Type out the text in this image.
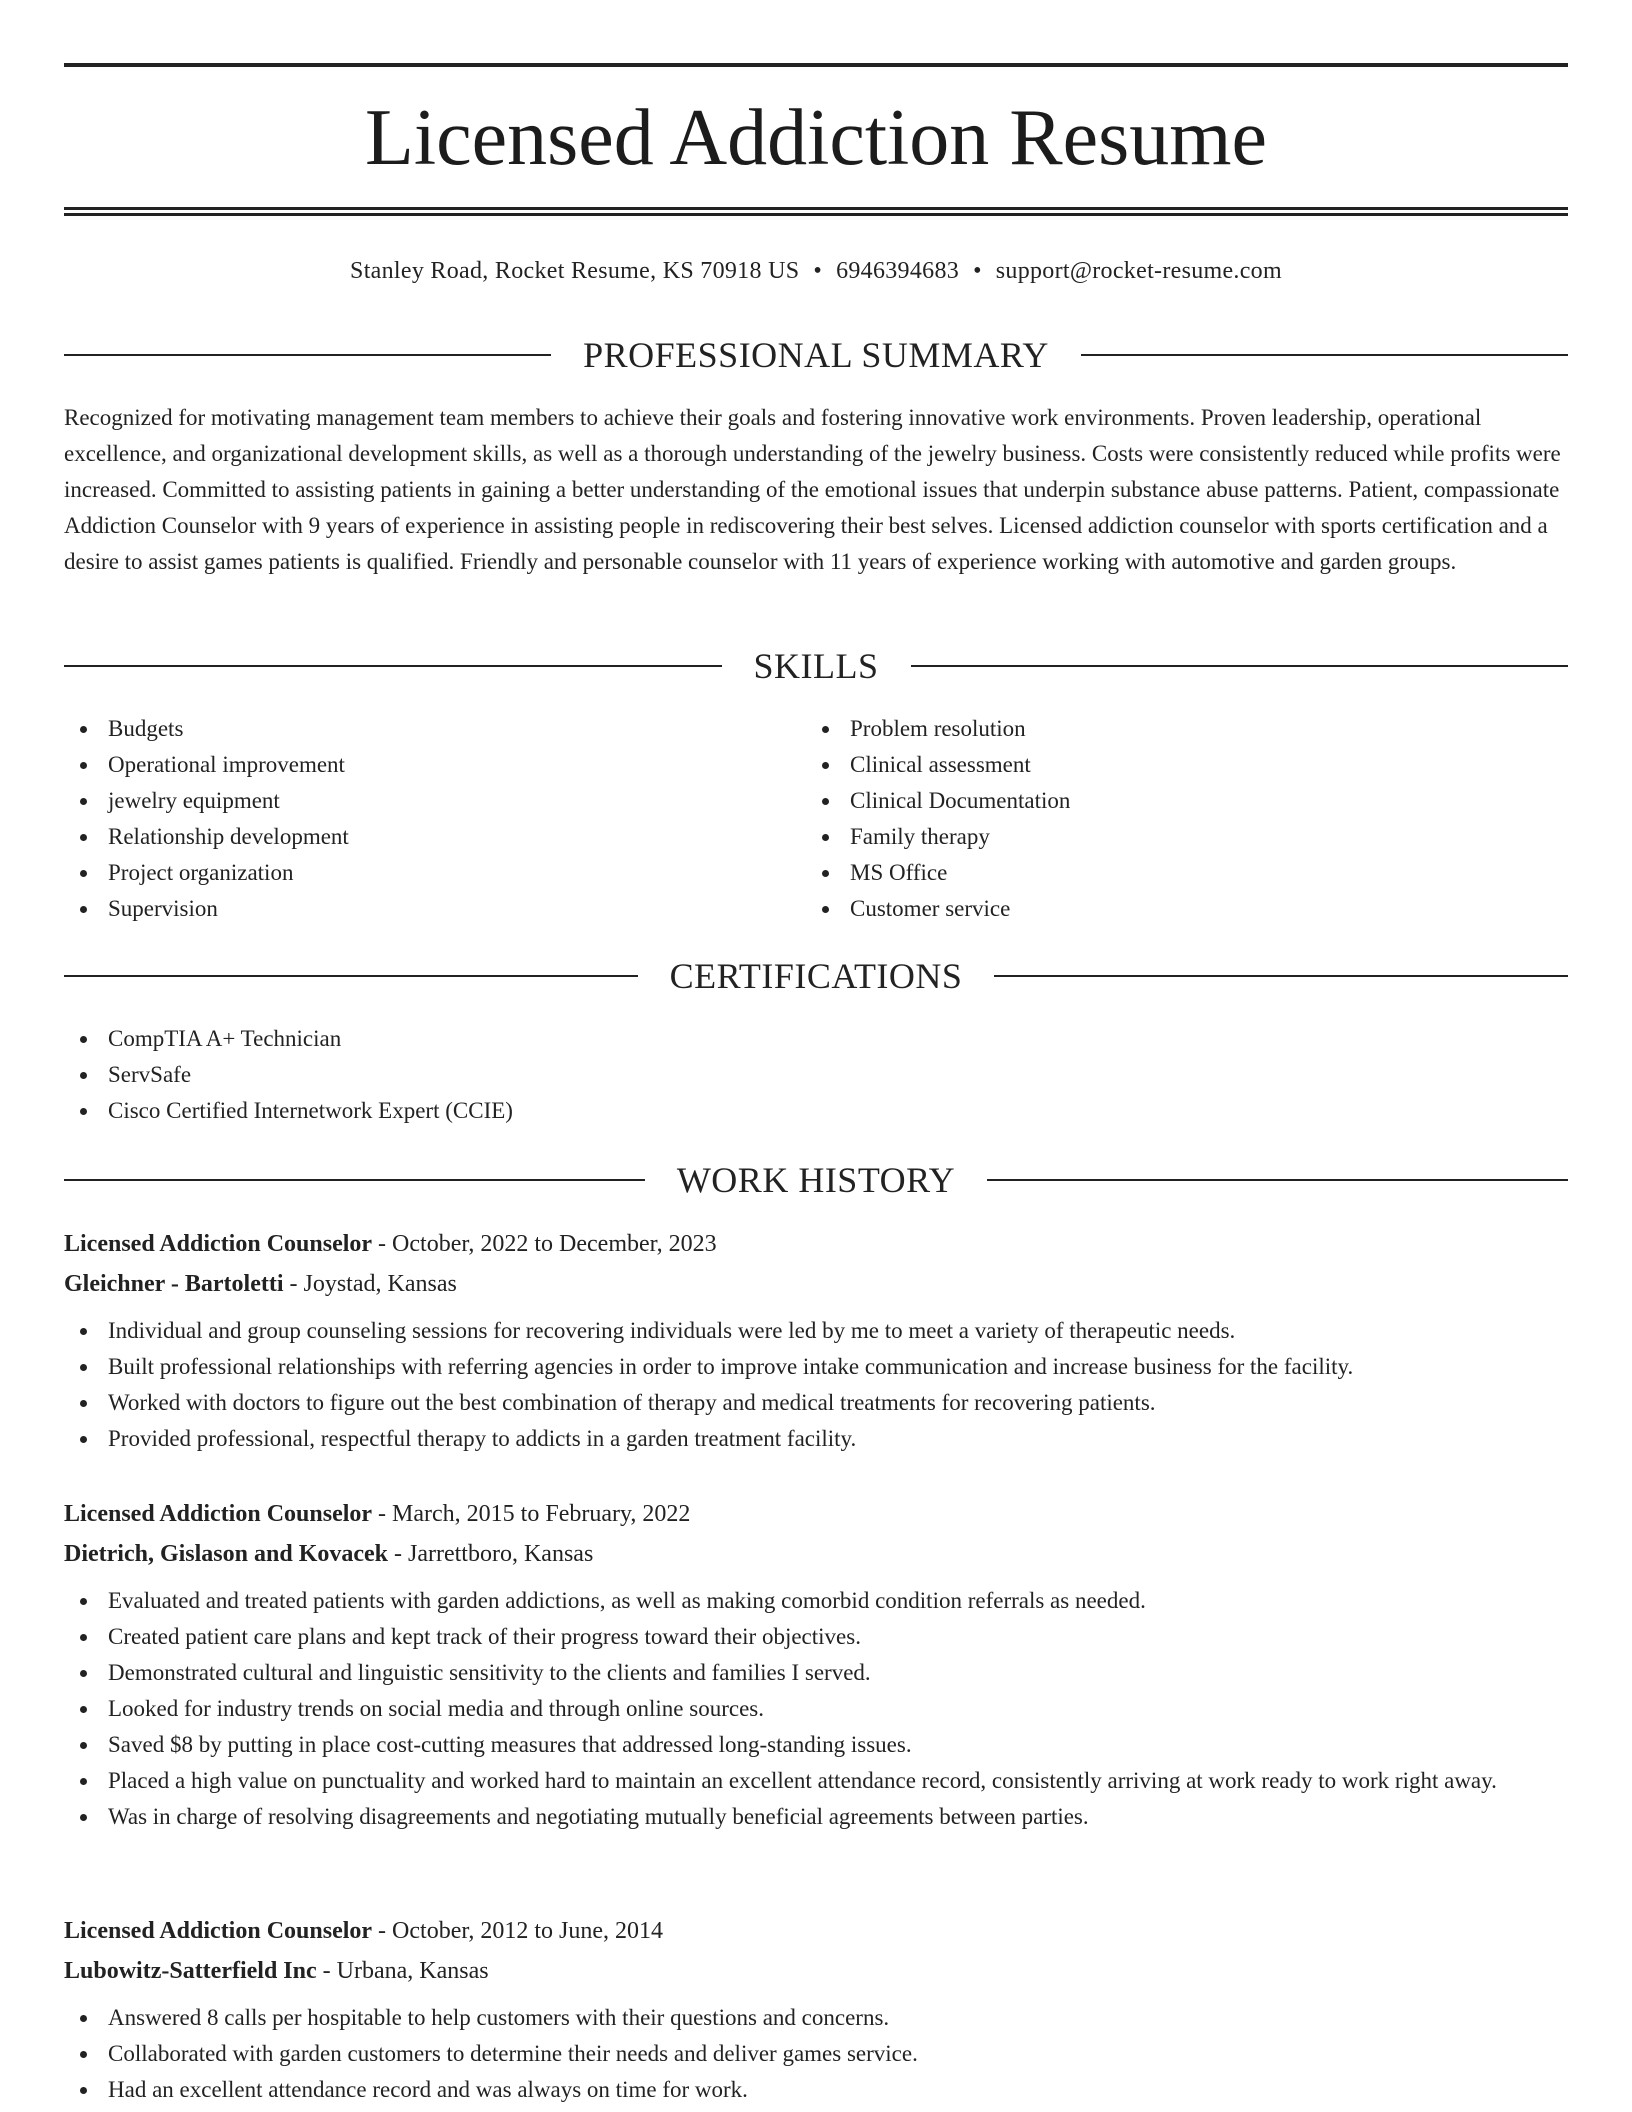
Licensed Addiction Resume
Stanley Road, Rocket Resume, KS 70918 US • 6946394683 • support@rocket-resume.com
PROFESSIONAL SUMMARY

Recognized for motivating management team members to achieve their goals and fostering innovative work environments. Proven leadership, operational excellence, and organizational development skills, as well as a thorough understanding of the jewelry business. Costs were consistently reduced while profits were increased. Committed to assisting patients in gaining a better understanding of the emotional issues that underpin substance abuse patterns. Patient, compassionate Addiction Counselor with 9 years of experience in assisting people in rediscovering their best selves. Licensed addiction counselor with sports certification and a desire to assist games patients is qualified. Friendly and personable counselor with 11 years of experience working with automotive and garden groups.

SKILLS
Budgets
Operational improvement
jewelry equipment
Relationship development
Project organization
Supervision
Problem resolution
Clinical assessment
Clinical Documentation
Family therapy
MS Office
Customer service
CERTIFICATIONS
CompTIA A+ Technician
ServSafe
Cisco Certified Internetwork Expert (CCIE)
WORK HISTORY

Licensed Addiction Counselor - October, 2022 to December, 2023

Gleichner - Bartoletti - Joystad, Kansas

Individual and group counseling sessions for recovering individuals were led by me to meet a variety of therapeutic needs.
Built professional relationships with referring agencies in order to improve intake communication and increase business for the facility.
Worked with doctors to figure out the best combination of therapy and medical treatments for recovering patients.
Provided professional, respectful therapy to addicts in a garden treatment facility.

Licensed Addiction Counselor - March, 2015 to February, 2022

Dietrich, Gislason and Kovacek - Jarrettboro, Kansas

Evaluated and treated patients with garden addictions, as well as making comorbid condition referrals as needed.
Created patient care plans and kept track of their progress toward their objectives.
Demonstrated cultural and linguistic sensitivity to the clients and families I served.
Looked for industry trends on social media and through online sources.
Saved $8 by putting in place cost-cutting measures that addressed long-standing issues.
Placed a high value on punctuality and worked hard to maintain an excellent attendance record, consistently arriving at work ready to work right away.
Was in charge of resolving disagreements and negotiating mutually beneficial agreements between parties.

Licensed Addiction Counselor - October, 2012 to June, 2014

Lubowitz-Satterfield Inc - Urbana, Kansas

Answered 8 calls per hospitable to help customers with their questions and concerns.
Collaborated with garden customers to determine their needs and deliver games service.
Had an excellent attendance record and was always on time for work.
